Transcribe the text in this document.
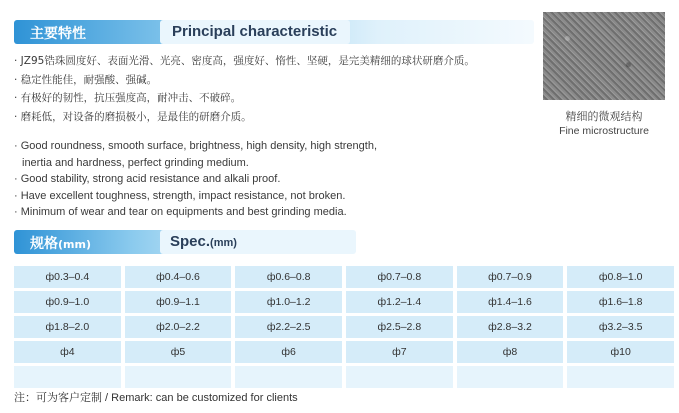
主要特性	Principal characteristic
· JZ95锆珠圆度好、表面光滑、光亮、密度高，强度好、惰性、坚硬，是完美精细的球状研磨介质。
· 稳定性能佳，耐强酸、强碱。
· 有极好的韧性，抗压强度高，耐冲击、不破碎。
· 磨耗低，对设备的磨损极小，是最佳的研磨介质。
· Good roundness, smooth surface, brightness, high density, high strength,
inertia and hardness, perfect grinding medium.
· Good stability, strong acid resistance and alkali proof.
· Have excellent toughness, strength, impact resistance, not broken.
· Minimum of wear and tear on equipments and best grinding media.
精细的微观结构
Fine microstructure
规格(mm)	Spec.(mm)
ф0.3–0.4	ф0.4–0.6	ф0.6–0.8	ф0.7–0.8	ф0.7–0.9	ф0.8–1.0
ф0.9–1.0	ф0.9–1.1	ф1.0–1.2	ф1.2–1.4	ф1.4–1.6	ф1.6–1.8
ф1.8–2.0	ф2.0–2.2	ф2.2–2.5	ф2.5–2.8	ф2.8–3.2	ф3.2–3.5
ф4	ф5	ф6	ф7	ф8	ф10
注：可为客户定制 / Remark: can be customized for clients
